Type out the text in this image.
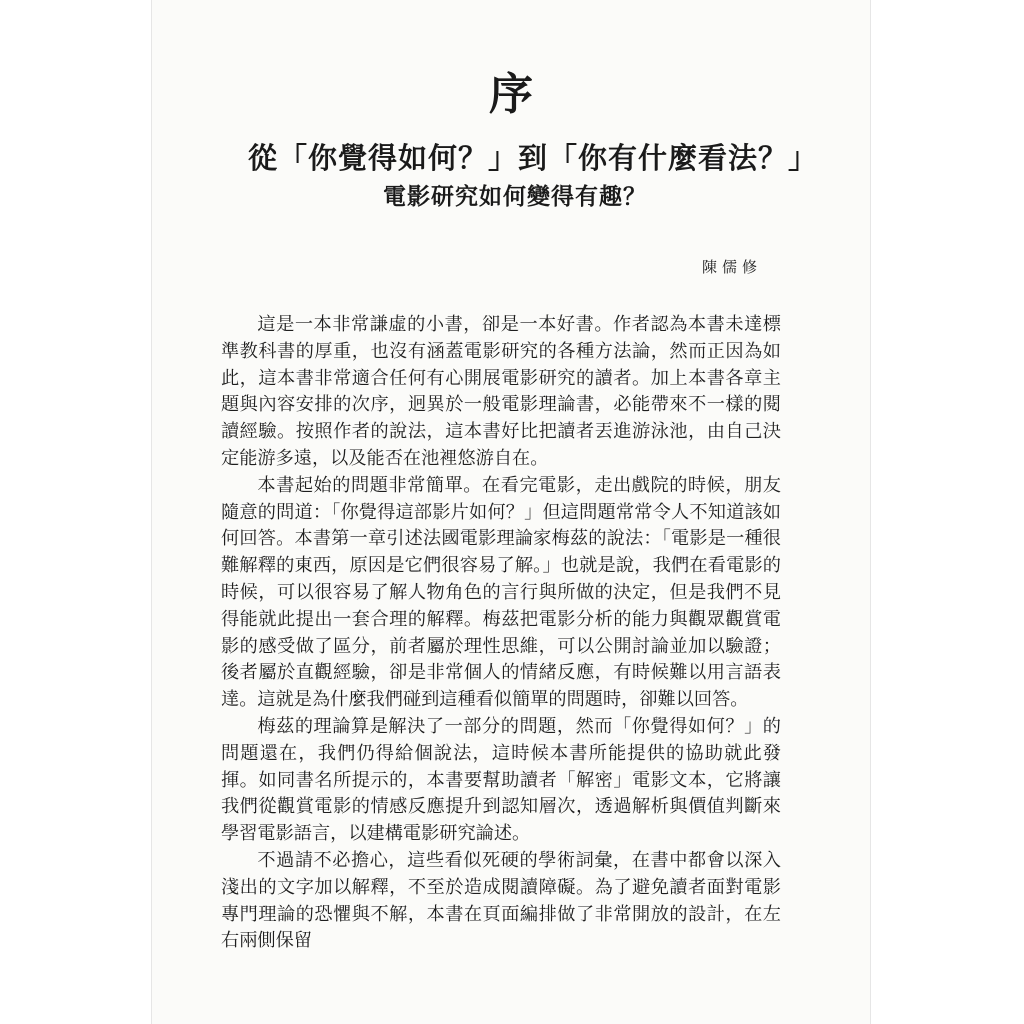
序
從「你覺得如何？」到「你有什麼看法？」
電影研究如何變得有趣？
陳儒修

這是一本非常謙虛的小書，卻是一本好書。作者認為本書未達標準教科書的厚重，也沒有涵蓋電影研究的各種方法論，然而正因為如此，這本書非常適合任何有心開展電影研究的讀者。加上本書各章主題與內容安排的次序，迥異於一般電影理論書，必能帶來不一樣的閱讀經驗。按照作者的說法，這本書好比把讀者丟進游泳池，由自己決定能游多遠，以及能否在池裡悠游自在。

本書起始的問題非常簡單。在看完電影，走出戲院的時候，朋友隨意的問道：「你覺得這部影片如何？」但這問題常常令人不知道該如何回答。本書第一章引述法國電影理論家梅茲的說法：「電影是一種很難解釋的東西，原因是它們很容易了解。」也就是說，我們在看電影的時候，可以很容易了解人物角色的言行與所做的決定，但是我們不見得能就此提出一套合理的解釋。梅茲把電影分析的能力與觀眾觀賞電影的感受做了區分，前者屬於理性思維，可以公開討論並加以驗證；後者屬於直觀經驗，卻是非常個人的情緒反應，有時候難以用言語表達。這就是為什麼我們碰到這種看似簡單的問題時，卻難以回答。

梅茲的理論算是解決了一部分的問題，然而「你覺得如何？」的問題還在，我們仍得給個說法，這時候本書所能提供的協助就此發揮。如同書名所提示的，本書要幫助讀者「解密」電影文本，它將讓我們從觀賞電影的情感反應提升到認知層次，透過解析與價值判斷來學習電影語言，以建構電影研究論述。

不過請不必擔心，這些看似死硬的學術詞彙，在書中都會以深入淺出的文字加以解釋，不至於造成閱讀障礙。為了避免讀者面對電影專門理論的恐懼與不解，本書在頁面編排做了非常開放的設計，在左右兩側保留
